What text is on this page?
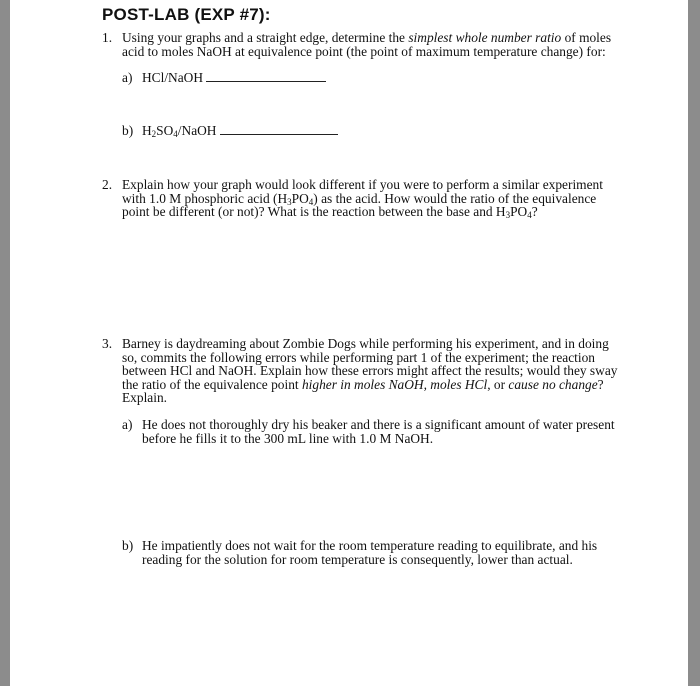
POST-LAB (EXP #7):
1. Using your graphs and a straight edge, determine the simplest whole number ratio of moles
acid to moles NaOH at equivalence point (the point of maximum temperature change) for:
a) HCl/NaOH
b) $H_2SO_4$/NaOH
2. Explain how your graph would look different if you were to perform a similar experiment
with 1.0 M phosphoric acid $(H_3PO_4)$ as the acid. How would the ratio of the equivalence
point be different (or not)? What is the reaction between the base and $H_3PO_4$?
3. Barney is daydreaming about Zombie Dogs while performing his experiment, and in doing
so, commits the following errors while performing part 1 of the experiment; the reaction
between HCl and NaOH. Explain how these errors might affect the results; would they sway
the ratio of the equivalence point higher in moles NaOH, moles HCl, or cause no change?
Explain.
a) He does not thoroughly dry his beaker and there is a significant amount of water present
before he fills it to the 300 mL line with 1.0 M NaOH.
b) He impatiently does not wait for the room temperature reading to equilibrate, and his
reading for the solution for room temperature is consequently, lower than actual.
